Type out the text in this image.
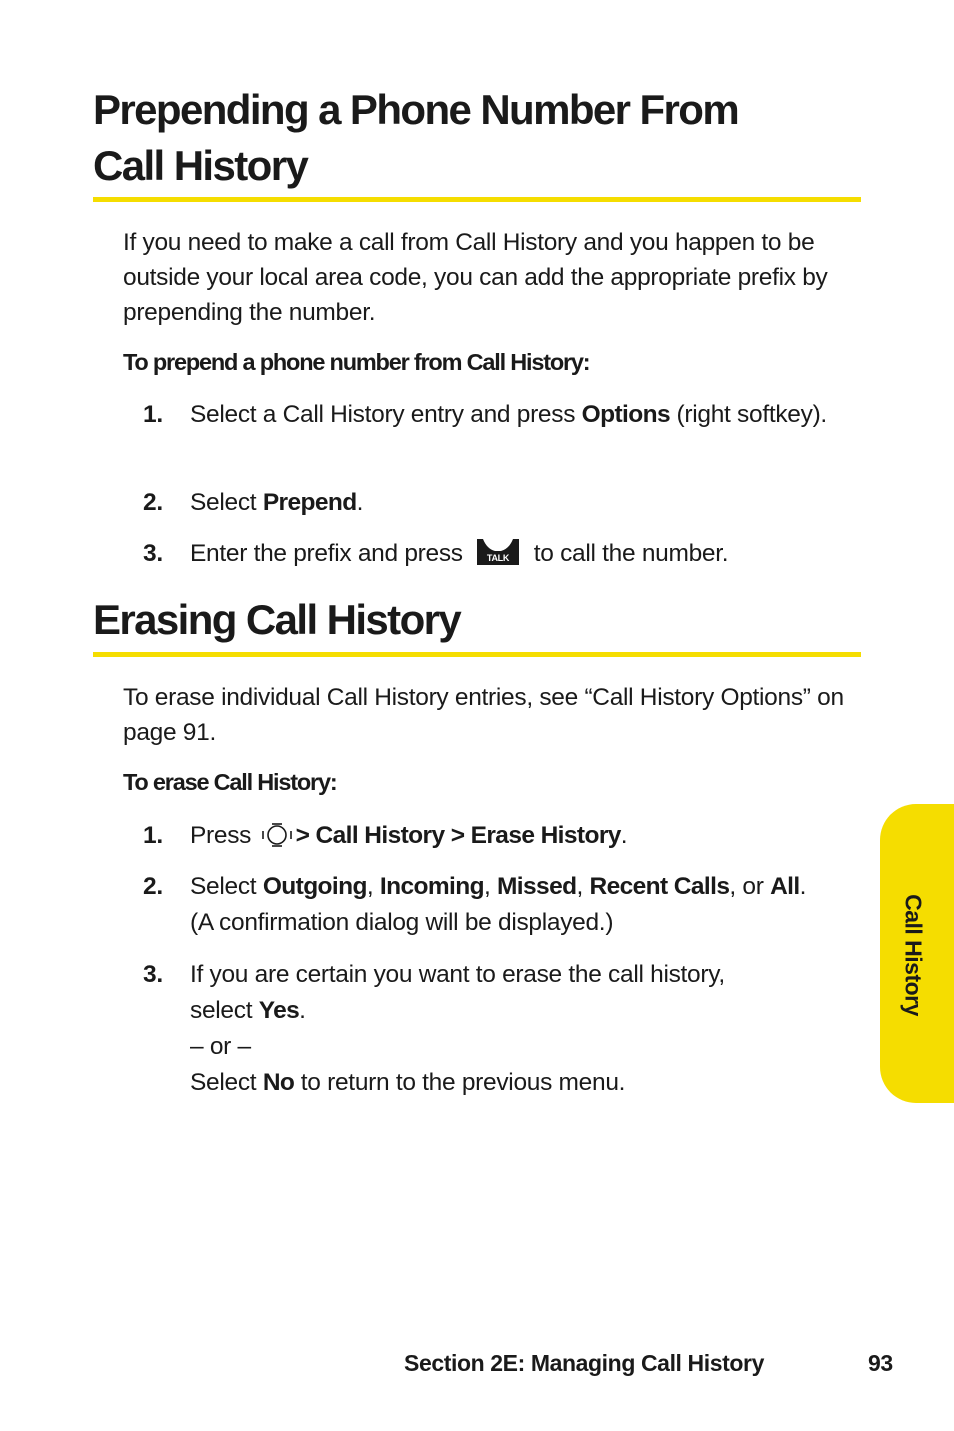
Prepending a Phone Number From
Call History

If you need to make a call from Call History and you happen to be outside your local area code, you can add the appropriate prefix by prepending the number.

To prepend a phone number from Call History:

1. Select a Call History entry and press Options (right softkey).
2. Select Prepend.
3. Enter the prefix and press TALK to call the number.
Erasing Call History

To erase individual Call History entries, see “Call History Options” on page 91.

To erase Call History:

1. Press > Call History > Erase History.
2. Select Outgoing, Incoming, Missed, Recent Calls, or All.
(A confirmation dialog will be displayed.)
3. If you are certain you want to erase the call history,
select Yes.
– or –
Select No to return to the previous menu.
Call History
Section 2E: Managing Call History	93
